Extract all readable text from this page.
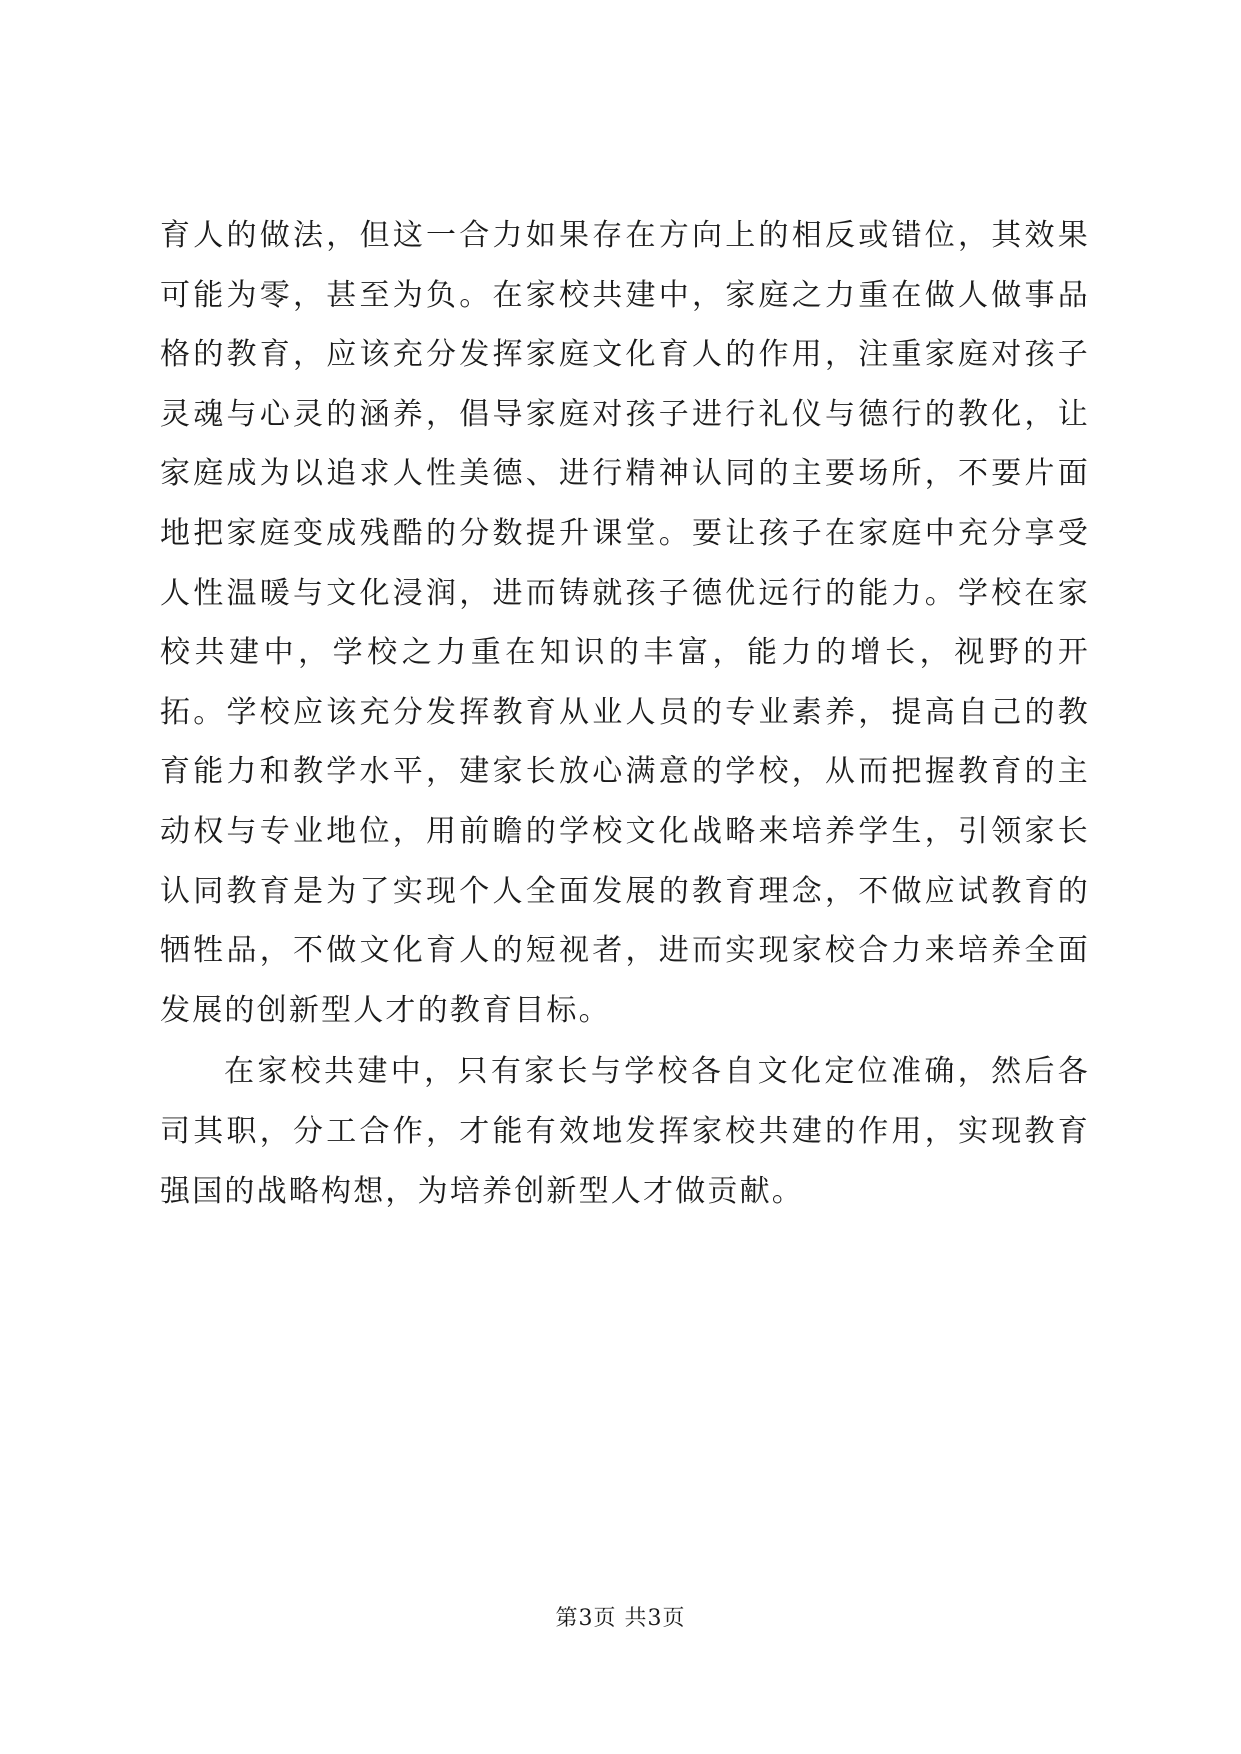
育人的做法，但这一合力如果存在方向上的相反或错位，其效果可能为零，甚至为负。在家校共建中，家庭之力重在做人做事品格的教育，应该充分发挥家庭文化育人的作用，注重家庭对孩子灵魂与心灵的涵养，倡导家庭对孩子进行礼仪与德行的教化，让家庭成为以追求人性美德、进行精神认同的主要场所，不要片面地把家庭变成残酷的分数提升课堂。要让孩子在家庭中充分享受人性温暖与文化浸润，进而铸就孩子德优远行的能力。学校在家校共建中，学校之力重在知识的丰富，能力的增长，视野的开拓。学校应该充分发挥教育从业人员的专业素养，提高自己的教育能力和教学水平，建家长放心满意的学校，从而把握教育的主动权与专业地位，用前瞻的学校文化战略来培养学生，引领家长认同教育是为了实现个人全面发展的教育理念，不做应试教育的牺牲品，不做文化育人的短视者，进而实现家校合力来培养全面发展的创新型人才的教育目标。

在家校共建中，只有家长与学校各自文化定位准确，然后各司其职，分工合作，才能有效地发挥家校共建的作用，实现教育强国的战略构想，为培养创新型人才做贡献。

第3页 共3页
